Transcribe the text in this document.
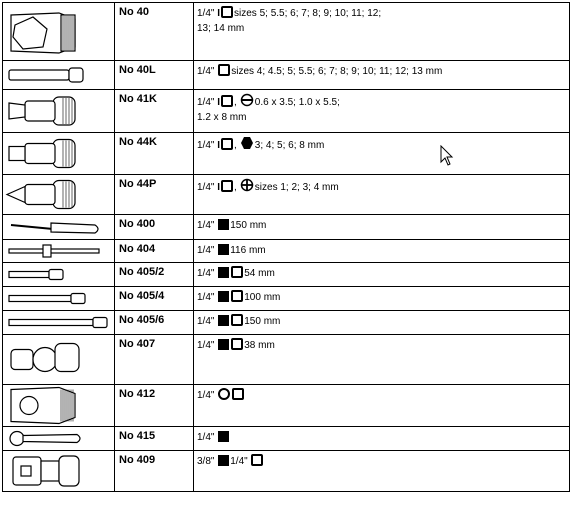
	No 40	1/4" I sizes 5; 5.5; 6; 7; 8; 9; 10; 11; 12;
13; 14 mm

	No 40L	1/4" sizes 4; 4.5; 5; 5.5; 6; 7; 8; 9; 10; 11; 12; 13 mm

	No 41K	1/4" I , 0.6 x 3.5; 1.0 x 5.5;
1.2 x 8 mm

	No 44K	1/4" I , 3; 4; 5; 6; 8 mm

	No 44P	1/4" I , sizes 1; 2; 3; 4 mm

	No 400	1/4" 150 mm

	No 404	1/4" 116 mm

	No 405/2	1/4" 54 mm

	No 405/4	1/4" 100 mm

	No 405/6	1/4" 150 mm

	No 407	1/4" 38 mm

	No 412	1/4"

	No 415	1/4"

	No 409	3/8" 1/4"
